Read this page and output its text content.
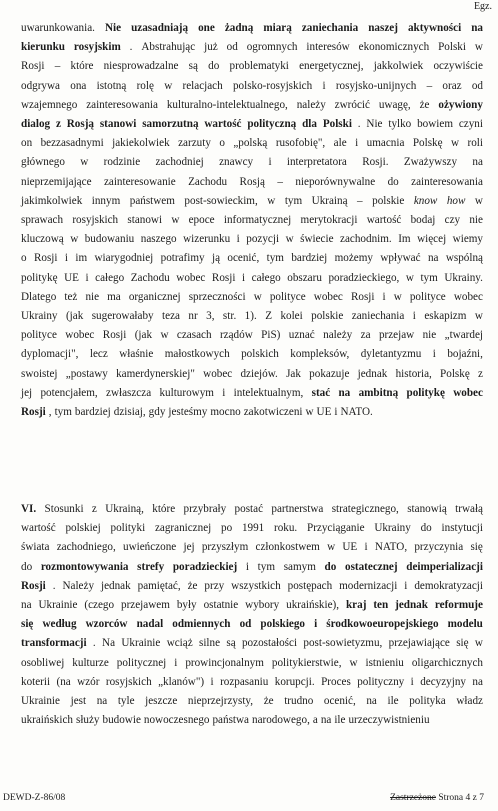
Egz.
uwarunkowania. Nie uzasadniają one żadną miarą zaniechania naszej aktywności na
kierunku rosyjskim . Abstrahując już od ogromnych interesów ekonomicznych Polski w
Rosji – które niesprowadzalne są do problematyki energetycznej, jakkolwiek oczywiście
odgrywa ona istotną rolę w relacjach polsko-rosyjskich i rosyjsko-unijnych – oraz od
wzajemnego zainteresowania kulturalno-intelektualnego, należy zwrócić uwagę, że ożywiony
dialog z Rosją stanowi samorzutną wartość polityczną dla Polski . Nie tylko bowiem czyni
on bezzasadnymi jakiekolwiek zarzuty o „polską rusofobię", ale i umacnia Polskę w roli
głównego w rodzinie zachodniej znawcy i interpretatora Rosji. Zważywszy na
nieprzemijające zainteresowanie Zachodu Rosją – nieporównywalne do zainteresowania
jakimkolwiek innym państwem post-sowieckim, w tym Ukrainą – polskie know how w
sprawach rosyjskich stanowi w epoce informatycznej merytokracji wartość bodaj czy nie
kluczową w budowaniu naszego wizerunku i pozycji w świecie zachodnim. Im więcej wiemy
o Rosji i im wiarygodniej potrafimy ją ocenić, tym bardziej możemy wpływać na wspólną
politykę UE i całego Zachodu wobec Rosji i całego obszaru poradzieckiego, w tym Ukrainy.
Dlatego też nie ma organicznej sprzeczności w polityce wobec Rosji i w polityce wobec
Ukrainy (jak sugerowałaby teza nr 3, str. 1). Z kolei polskie zaniechania i eskapizm w
polityce wobec Rosji (jak w czasach rządów PiS) uznać należy za przejaw nie „twardej
dyplomacji", lecz właśnie małostkowych polskich kompleksów, dyletantyzmu i bojaźni,
swoistej „postawy kamerdynerskiej" wobec dziejów. Jak pokazuje jednak historia, Polskę z
jej potencjałem, zwłaszcza kulturowym i intelektualnym, stać na ambitną politykę wobec
Rosji , tym bardziej dzisiaj, gdy jesteśmy mocno zakotwiczeni w UE i NATO.
VI. Stosunki z Ukrainą, które przybrały postać partnerstwa strategicznego, stanowią trwałą
wartość polskiej polityki zagranicznej po 1991 roku. Przyciąganie Ukrainy do instytucji
świata zachodniego, uwieńczone jej przyszłym członkostwem w UE i NATO, przyczynia się
do rozmontowywania strefy poradzieckiej i tym samym do ostatecznej deimperializacji
Rosji . Należy jednak pamiętać, że przy wszystkich postępach modernizacji i demokratyzacji
na Ukrainie (czego przejawem były ostatnie wybory ukraińskie), kraj ten jednak reformuje
się według wzorców nadal odmiennych od polskiego i środkowoeuropejskiego modelu
transformacji . Na Ukrainie wciąż silne są pozostałości post-sowietyzmu, przejawiające się w
osobliwej kulturze politycznej i prowincjonalnym politykierstwie, w istnieniu oligarchicznych
koterii (na wzór rosyjskich „klanów") i rozpasaniu korupcji. Proces polityczny i decyzyjny na
Ukrainie jest na tyle jeszcze nieprzejrzysty, że trudno ocenić, na ile polityka władz
ukraińskich służy budowie nowoczesnego państwa narodowego, a na ile urzeczywistnieniu
DEWD-Z-86/08	Zastrzeżone Strona 4 z 7
